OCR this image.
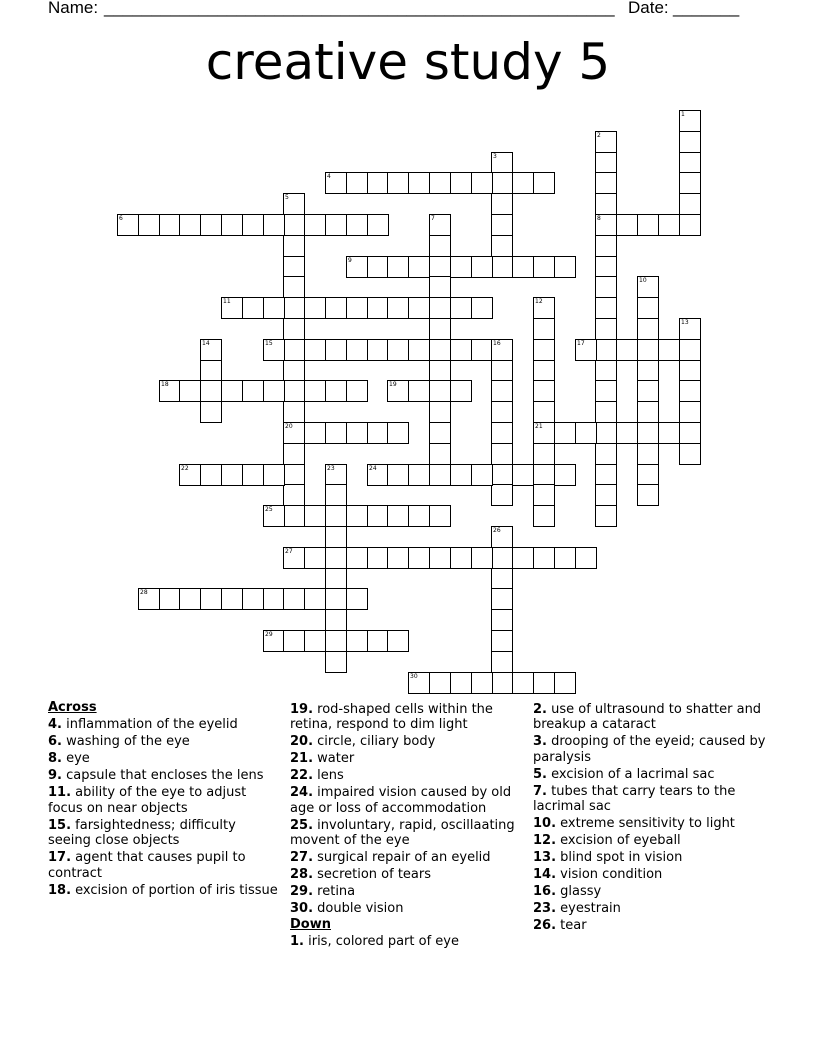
Name: ______________________________________________________ Date: _______
creative study 5
1
2
8
3
4
5
20
6	7
9
10
11	12
21
13
14	15	16	17
18	19
22	23	24
25
26
27
28
29
30
Across
4. inflammation of the eyelid
6. washing of the eye
8. eye
9. capsule that encloses the lens
11. ability of the eye to adjust focus on near objects
15. farsightedness; difficulty seeing close objects
17. agent that causes pupil to contract
18. excision of portion of iris tissue
19. rod-shaped cells within the retina, respond to dim light
20. circle, ciliary body
21. water
22. lens
24. impaired vision caused by old age or loss of accommodation
25. involuntary, rapid, oscillaating movent of the eye
27. surgical repair of an eyelid
28. secretion of tears
29. retina
30. double vision
Down
1. iris, colored part of eye
2. use of ultrasound to shatter and breakup a cataract
3. drooping of the eyeid; caused by paralysis
5. excision of a lacrimal sac
7. tubes that carry tears to the lacrimal sac
10. extreme sensitivity to light
12. excision of eyeball
13. blind spot in vision
14. vision condition
16. glassy
23. eyestrain
26. tear
